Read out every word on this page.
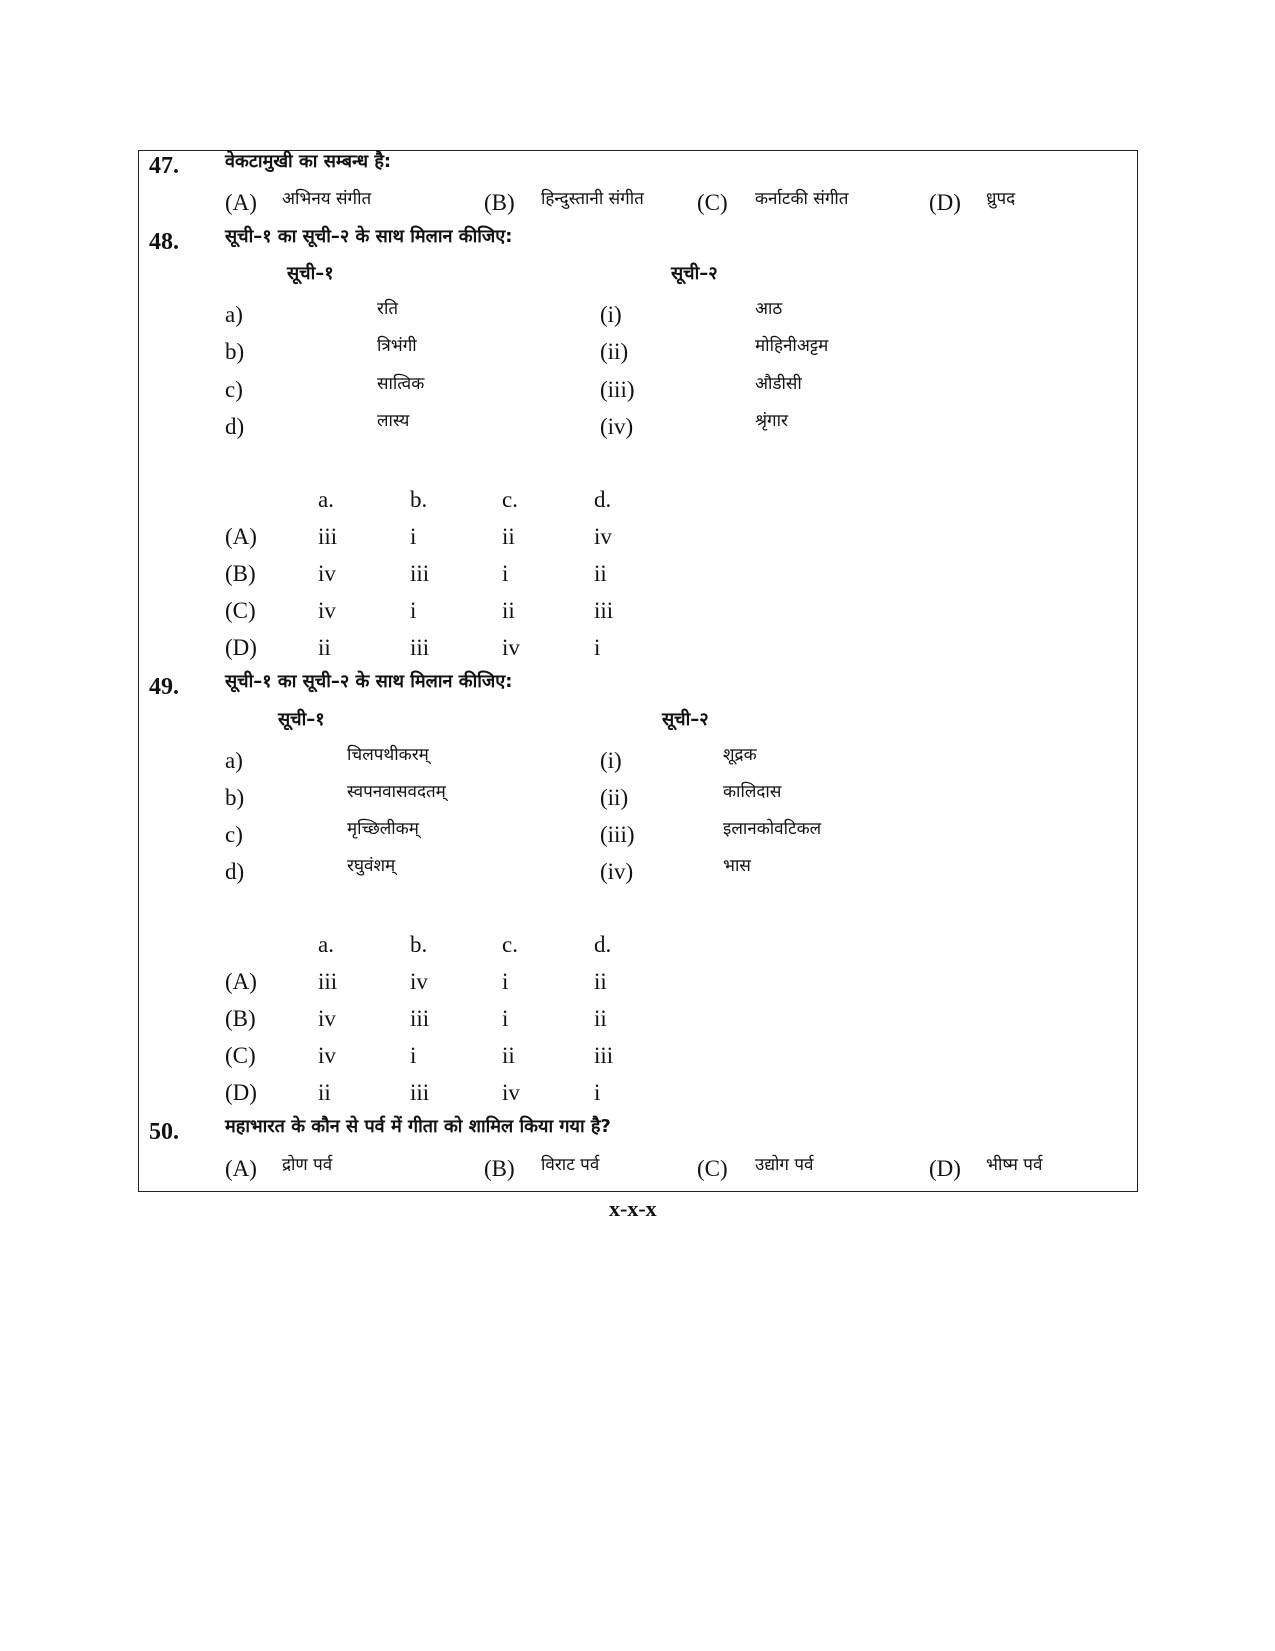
47.	वेकटामुखी का सम्बन्ध है:
(A) अभिनय संगीत	(B) हिन्दुस्तानी संगीत (C) कर्नाटकी संगीत	(D) ध्रुपद
48.	सूची–१ का सूची–२ के साथ मिलान कीजिए:
सूची–१	सूची–२
a)	रति	(i)	आठ
b)	त्रिभंगी	(ii)	मोहिनीअट्टम
c)	सात्विक	(iii)	औडीसी
d)	लास्य	(iv)	श्रृंगार
a.	b.	c.	d.
(A)	iii	i	ii	iv
(B)	iv	iii	i	ii
(C)	iv	i	ii	iii
(D)	ii	iii	iv	i
49.	सूची–१ का सूची–२ के साथ मिलान कीजिए:
सूची–१	सूची–२
a)	चिलपथीकरम्	(i)	शूद्रक
b)	स्वपनवासवदतम्	(ii)	कालिदास
c)	मृच्छिलीकम्	(iii)	इलानकोवटिकल
d)	रघुवंशम्	(iv)	भास
a.	b.	c.	d.
(A)	iii	iv	i	ii
(B)	iv	iii	i	ii
(C)	iv	i	ii	iii
(D)	ii	iii	iv	i
50.	महाभारत के कौन से पर्व में गीता को शामिल किया गया है?
(A) द्रोण पर्व	(B) विराट पर्व	(C) उद्योग पर्व	(D) भीष्म पर्व
x-x-x
